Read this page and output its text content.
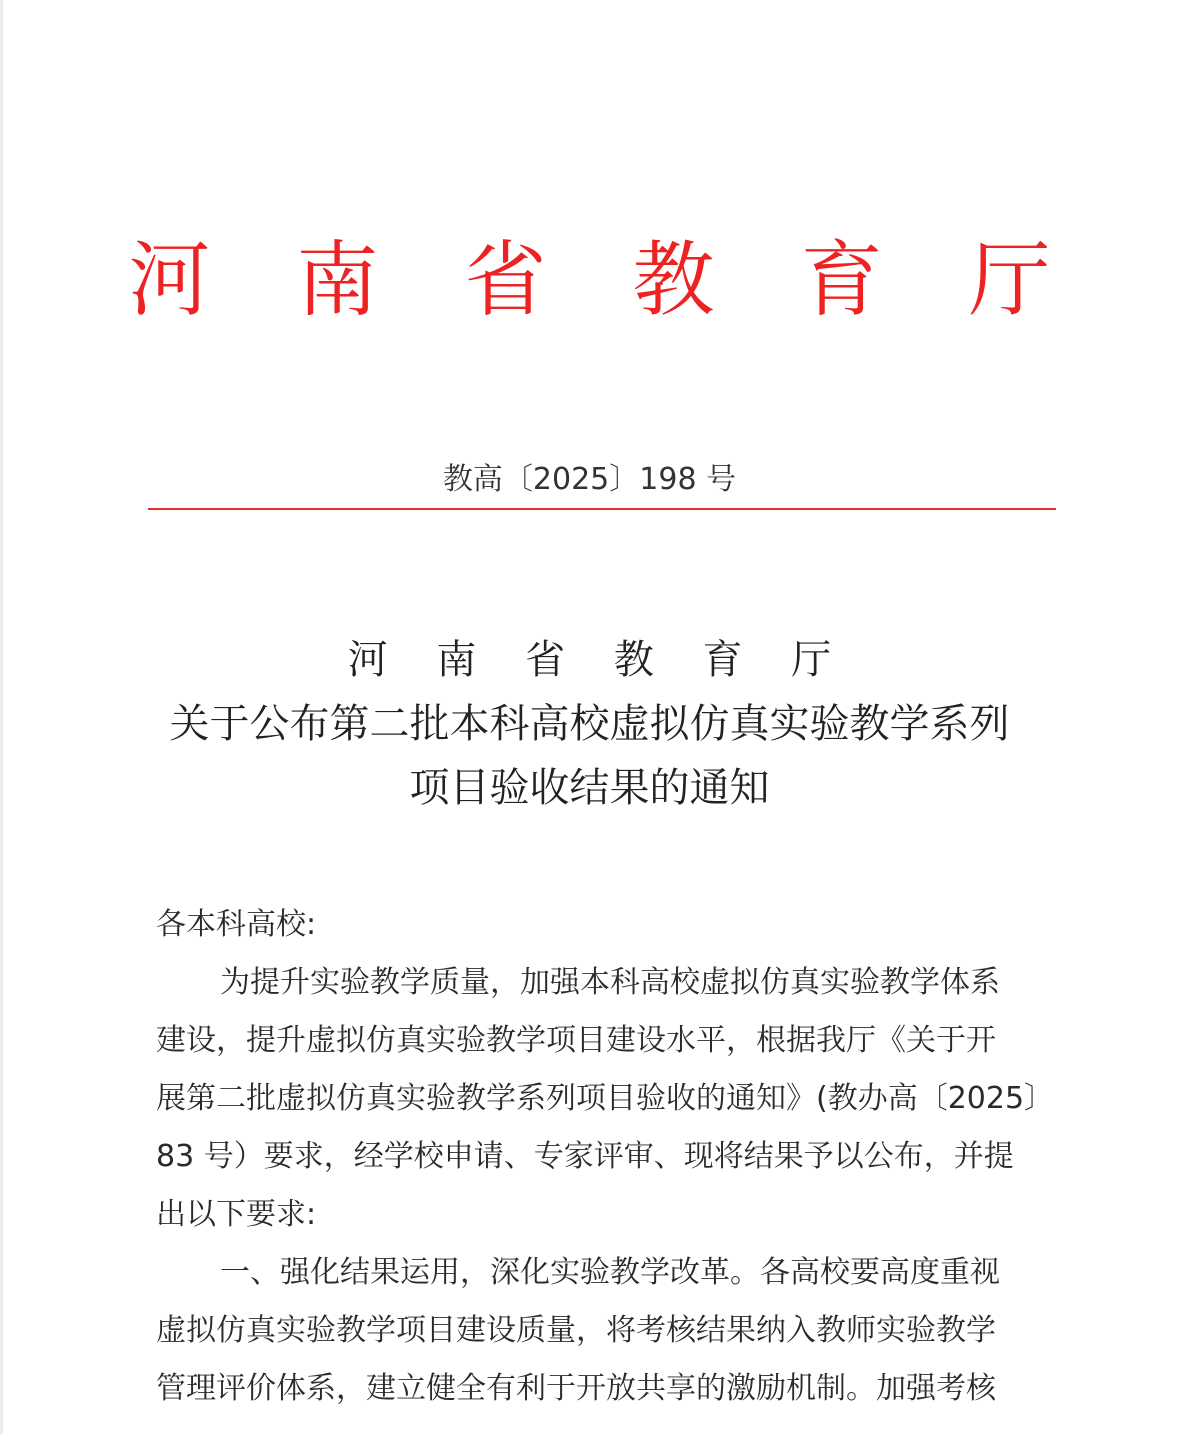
河 南 省 教 育 厅
教高〔2025〕198 号
河 南 省 教 育 厅
关于公布第二批本科高校虚拟仿真实验教学系列
项目验收结果的通知

各本科高校:

为提升实验教学质量，加强本科高校虚拟仿真实验教学体系
建设，提升虚拟仿真实验教学项目建设水平，根据我厅《关于开
展第二批虚拟仿真实验教学系列项目验收的通知》(教办高〔2025〕
83 号）要求，经学校申请、专家评审、现将结果予以公布，并提
出以下要求:

一、强化结果运用，深化实验教学改革。各高校要高度重视
虚拟仿真实验教学项目建设质量，将考核结果纳入教师实验教学
管理评价体系，建立健全有利于开放共享的激励机制。加强考核
